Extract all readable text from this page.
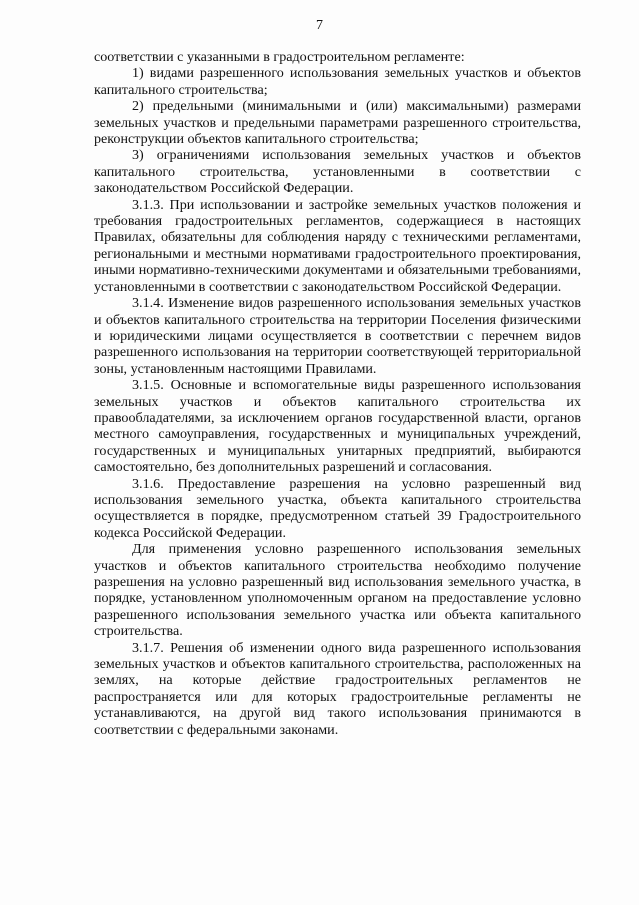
7

соответствии с указанными в градостроительном регламенте:

1) видами разрешенного использования земельных участков и объектов капитального строительства;

2) предельными (минимальными и (или) максимальными) размерами земельных участков и предельными параметрами разрешенного строительства, реконструкции объектов капитального строительства;

3) ограничениями использования земельных участков и объектов капитального строительства, установленными в соответствии с законодательством Российской Федерации.

3.1.3. При использовании и застройке земельных участков положения и требования градостроительных регламентов, содержащиеся в настоящих Правилах, обязательны для соблюдения наряду с техническими регламентами, региональными и местными нормативами градостроительного проектирования, иными нормативно-техническими документами и обязательными требованиями, установленными в соответствии с законодательством Российской Федерации.

3.1.4. Изменение видов разрешенного использования земельных участков и объектов капитального строительства на территории Поселения физическими и юридическими лицами осуществляется в соответствии с перечнем видов разрешенного использования на территории соответствующей территориальной зоны, установленным настоящими Правилами.

3.1.5. Основные и вспомогательные виды разрешенного использования земельных участков и объектов капитального строительства их правообладателями, за исключением органов государственной власти, органов местного самоуправления, государственных и муниципальных учреждений, государственных и муниципальных унитарных предприятий, выбираются самостоятельно, без дополнительных разрешений и согласования.

3.1.6. Предоставление разрешения на условно разрешенный вид использования земельного участка, объекта капитального строительства осуществляется в порядке, предусмотренном статьей 39 Градостроительного кодекса Российской Федерации.

Для применения условно разрешенного использования земельных участков и объектов капитального строительства необходимо получение разрешения на условно разрешенный вид использования земельного участка, в порядке, установленном уполномоченным органом на предоставление условно разрешенного использования земельного участка или объекта капитального строительства.

3.1.7. Решения об изменении одного вида разрешенного использования земельных участков и объектов капитального строительства, расположенных на землях, на которые действие градостроительных регламентов не распространяется или для которых градостроительные регламенты не устанавливаются, на другой вид такого использования принимаются в соответствии с федеральными законами.
